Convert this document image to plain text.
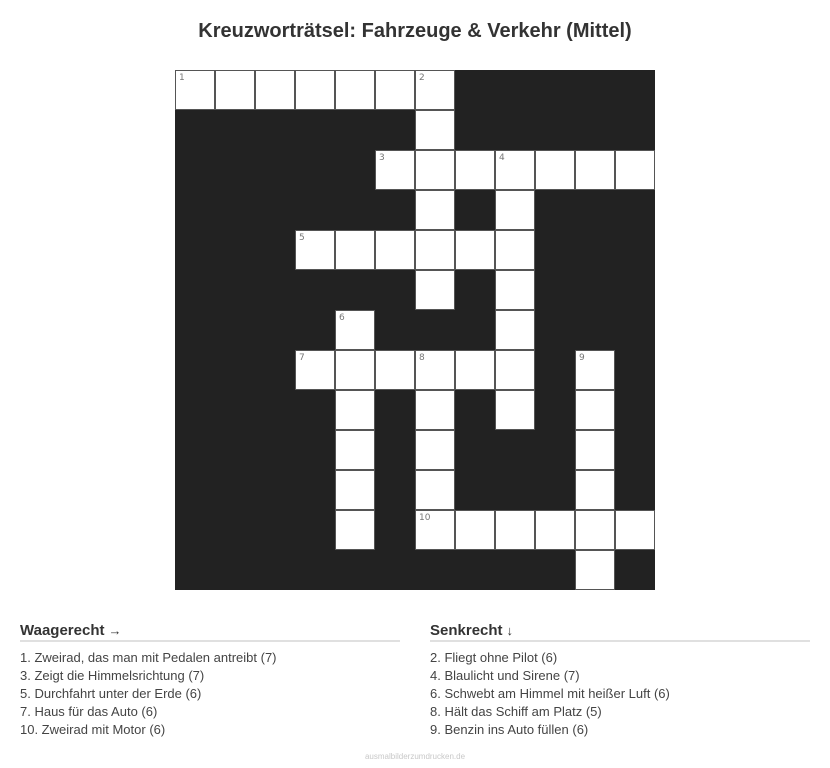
Kreuzworträtsel: Fahrzeuge & Verkehr (Mittel)
1	2
3	4
5
6
7	8	9
10
Waagerecht →
1. Zweirad, das man mit Pedalen antreibt (7)
3. Zeigt die Himmelsrichtung (7)
5. Durchfahrt unter der Erde (6)
7. Haus für das Auto (6)
10. Zweirad mit Motor (6)
Senkrecht ↓
2. Fliegt ohne Pilot (6)
4. Blaulicht und Sirene (7)
6. Schwebt am Himmel mit heißer Luft (6)
8. Hält das Schiff am Platz (5)
9. Benzin ins Auto füllen (6)
ausmalbilderzumdrucken.de
